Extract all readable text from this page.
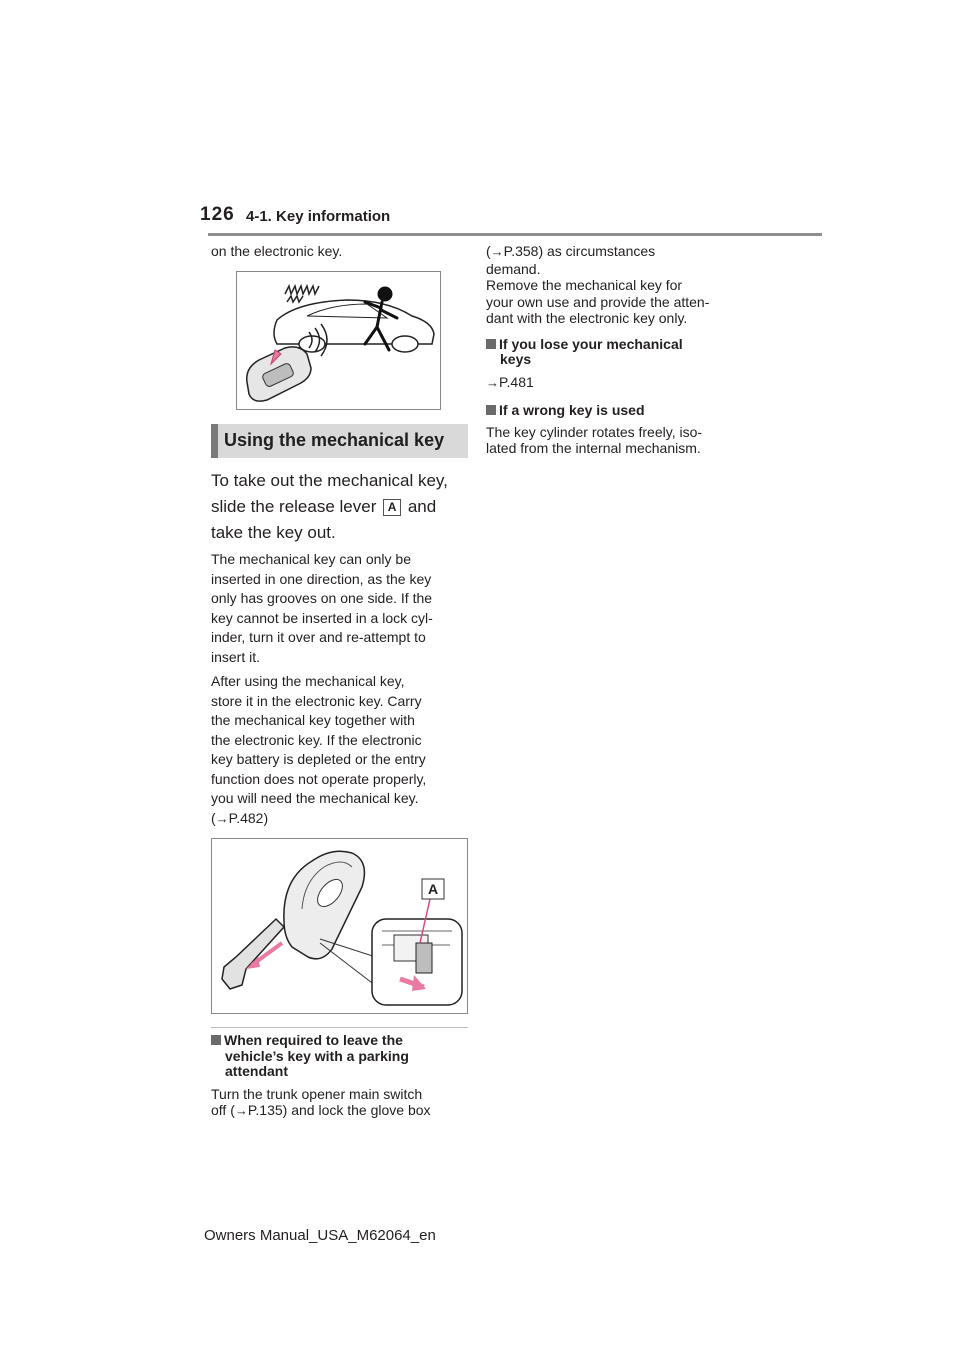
126 4-1. Key information
on the electronic key.
Using the mechanical key
To take out the mechanical key,
slide the release lever A and
take the key out.
The mechanical key can only be
inserted in one direction, as the key
only has grooves on one side. If the
key cannot be inserted in a lock cyl-
inder, turn it over and re-attempt to
insert it.
After using the mechanical key,
store it in the electronic key. Carry
the mechanical key together with
the electronic key. If the electronic
key battery is depleted or the entry
function does not operate properly,
you will need the mechanical key.
(→P.482)
A
When required to leave the
vehicle’s key with a parking
attendant
Turn the trunk opener main switch
off (→P.135) and lock the glove box
(→P.358) as circumstances
demand.
Remove the mechanical key for
your own use and provide the atten-
dant with the electronic key only.
If you lose your mechanical
keys
→P.481
If a wrong key is used
The key cylinder rotates freely, iso-
lated from the internal mechanism.
Owners Manual_USA_M62064_en
